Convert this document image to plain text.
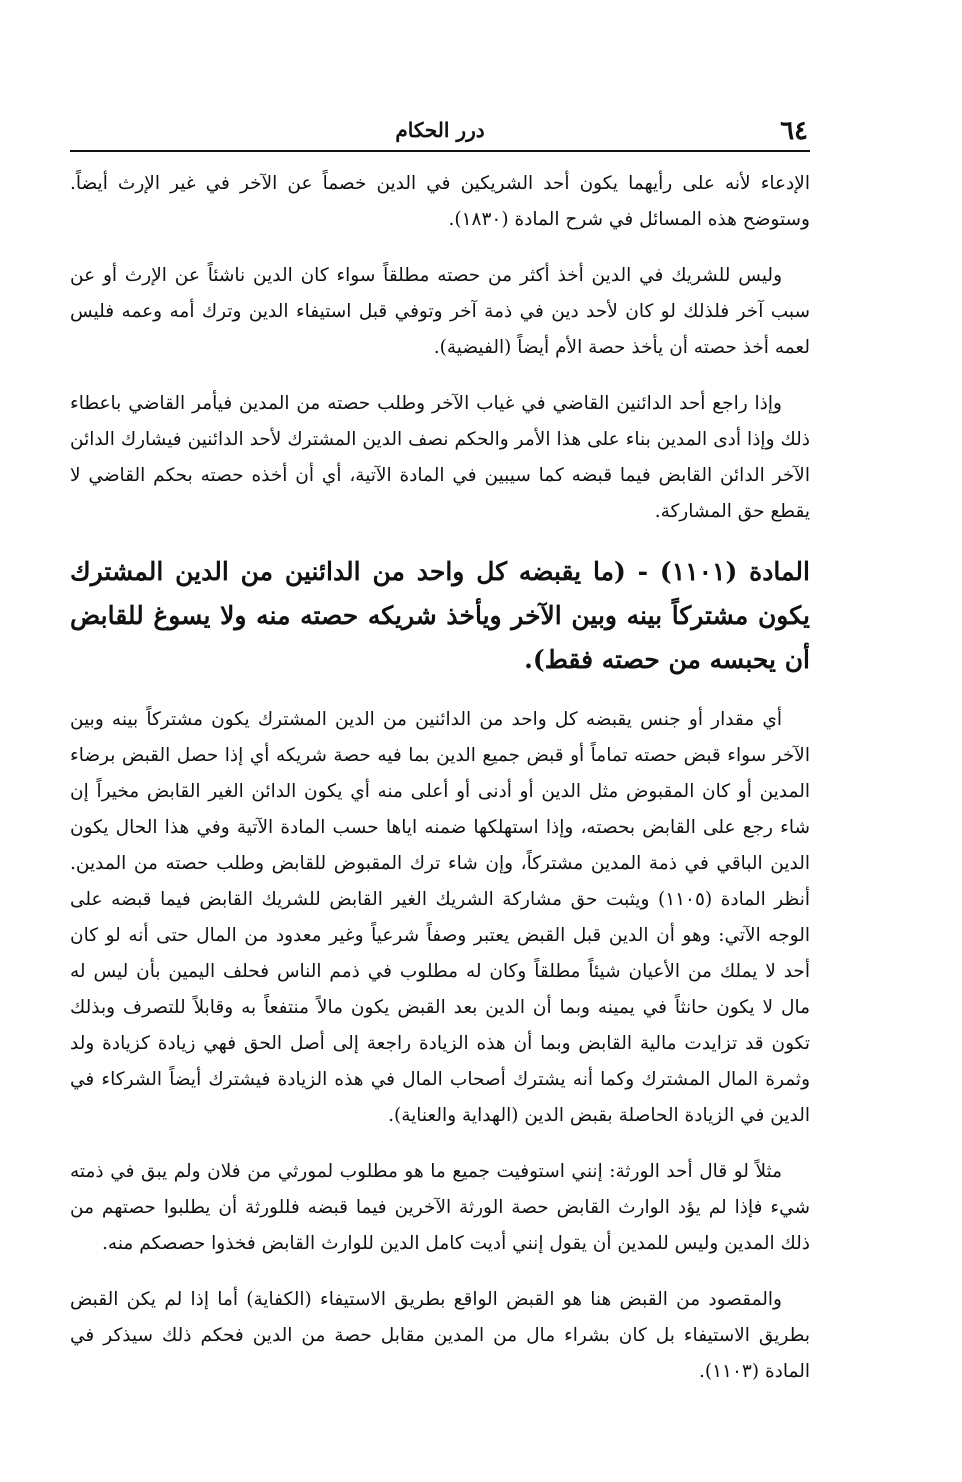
٦٤
درر الحكام

الإدعاء لأنه على رأيهما يكون أحد الشريكين في الدين خصماً عن الآخر في غير الإرث أيضاً. وستوضح هذه المسائل في شرح المادة (١٨٣٠).

وليس للشريك في الدين أخذ أكثر من حصته مطلقاً سواء كان الدين ناشئاً عن الإرث أو عن سبب آخر فلذلك لو كان لأحد دين في ذمة آخر وتوفي قبل استيفاء الدين وترك أمه وعمه فليس لعمه أخذ حصته أن يأخذ حصة الأم أيضاً (الفيضية).

وإذا راجع أحد الدائنين القاضي في غياب الآخر وطلب حصته من المدين فيأمر القاضي باعطاء ذلك وإذا أدى المدين بناء على هذا الأمر والحكم نصف الدين المشترك لأحد الدائنين فيشارك الدائن الآخر الدائن القابض فيما قبضه كما سيبين في المادة الآتية، أي أن أخذه حصته بحكم القاضي لا يقطع حق المشاركة.

المادة (١١٠١) - (ما يقبضه كل واحد من الدائنين من الدين المشترك يكون مشتركاً بينه وبين الآخر ويأخذ شريكه حصته منه ولا يسوغ للقابض أن يحبسه من حصته فقط).

أي مقدار أو جنس يقبضه كل واحد من الدائنين من الدين المشترك يكون مشتركاً بينه وبين الآخر سواء قبض حصته تماماً أو قبض جميع الدين بما فيه حصة شريكه أي إذا حصل القبض برضاء المدين أو كان المقبوض مثل الدين أو أدنى أو أعلى منه أي يكون الدائن الغير القابض مخيراً إن شاء رجع على القابض بحصته، وإذا استهلكها ضمنه اياها حسب المادة الآتية وفي هذا الحال يكون الدين الباقي في ذمة المدين مشتركاً، وإن شاء ترك المقبوض للقابض وطلب حصته من المدين. أنظر المادة (١١٠٥) ويثبت حق مشاركة الشريك الغير القابض للشريك القابض فيما قبضه على الوجه الآتي: وهو أن الدين قبل القبض يعتبر وصفاً شرعياً وغير معدود من المال حتى أنه لو كان أحد لا يملك من الأعيان شيئاً مطلقاً وكان له مطلوب في ذمم الناس فحلف اليمين بأن ليس له مال لا يكون حانثاً في يمينه وبما أن الدين بعد القبض يكون مالاً منتفعاً به وقابلاً للتصرف وبذلك تكون قد تزايدت مالية القابض وبما أن هذه الزيادة راجعة إلى أصل الحق فهي زيادة كزيادة ولد وثمرة المال المشترك وكما أنه يشترك أصحاب المال في هذه الزيادة فيشترك أيضاً الشركاء في الدين في الزيادة الحاصلة بقبض الدين (الهداية والعناية).

مثلاً لو قال أحد الورثة: إنني استوفيت جميع ما هو مطلوب لمورثي من فلان ولم يبق في ذمته شيء فإذا لم يؤد الوارث القابض حصة الورثة الآخرين فيما قبضه فللورثة أن يطلبوا حصتهم من ذلك المدين وليس للمدين أن يقول إنني أديت كامل الدين للوارث القابض فخذوا حصصكم منه.

والمقصود من القبض هنا هو القبض الواقع بطريق الاستيفاء (الكفاية) أما إذا لم يكن القبض بطريق الاستيفاء بل كان بشراء مال من المدين مقابل حصة من الدين فحكم ذلك سيذكر في المادة (١١٠٣).
